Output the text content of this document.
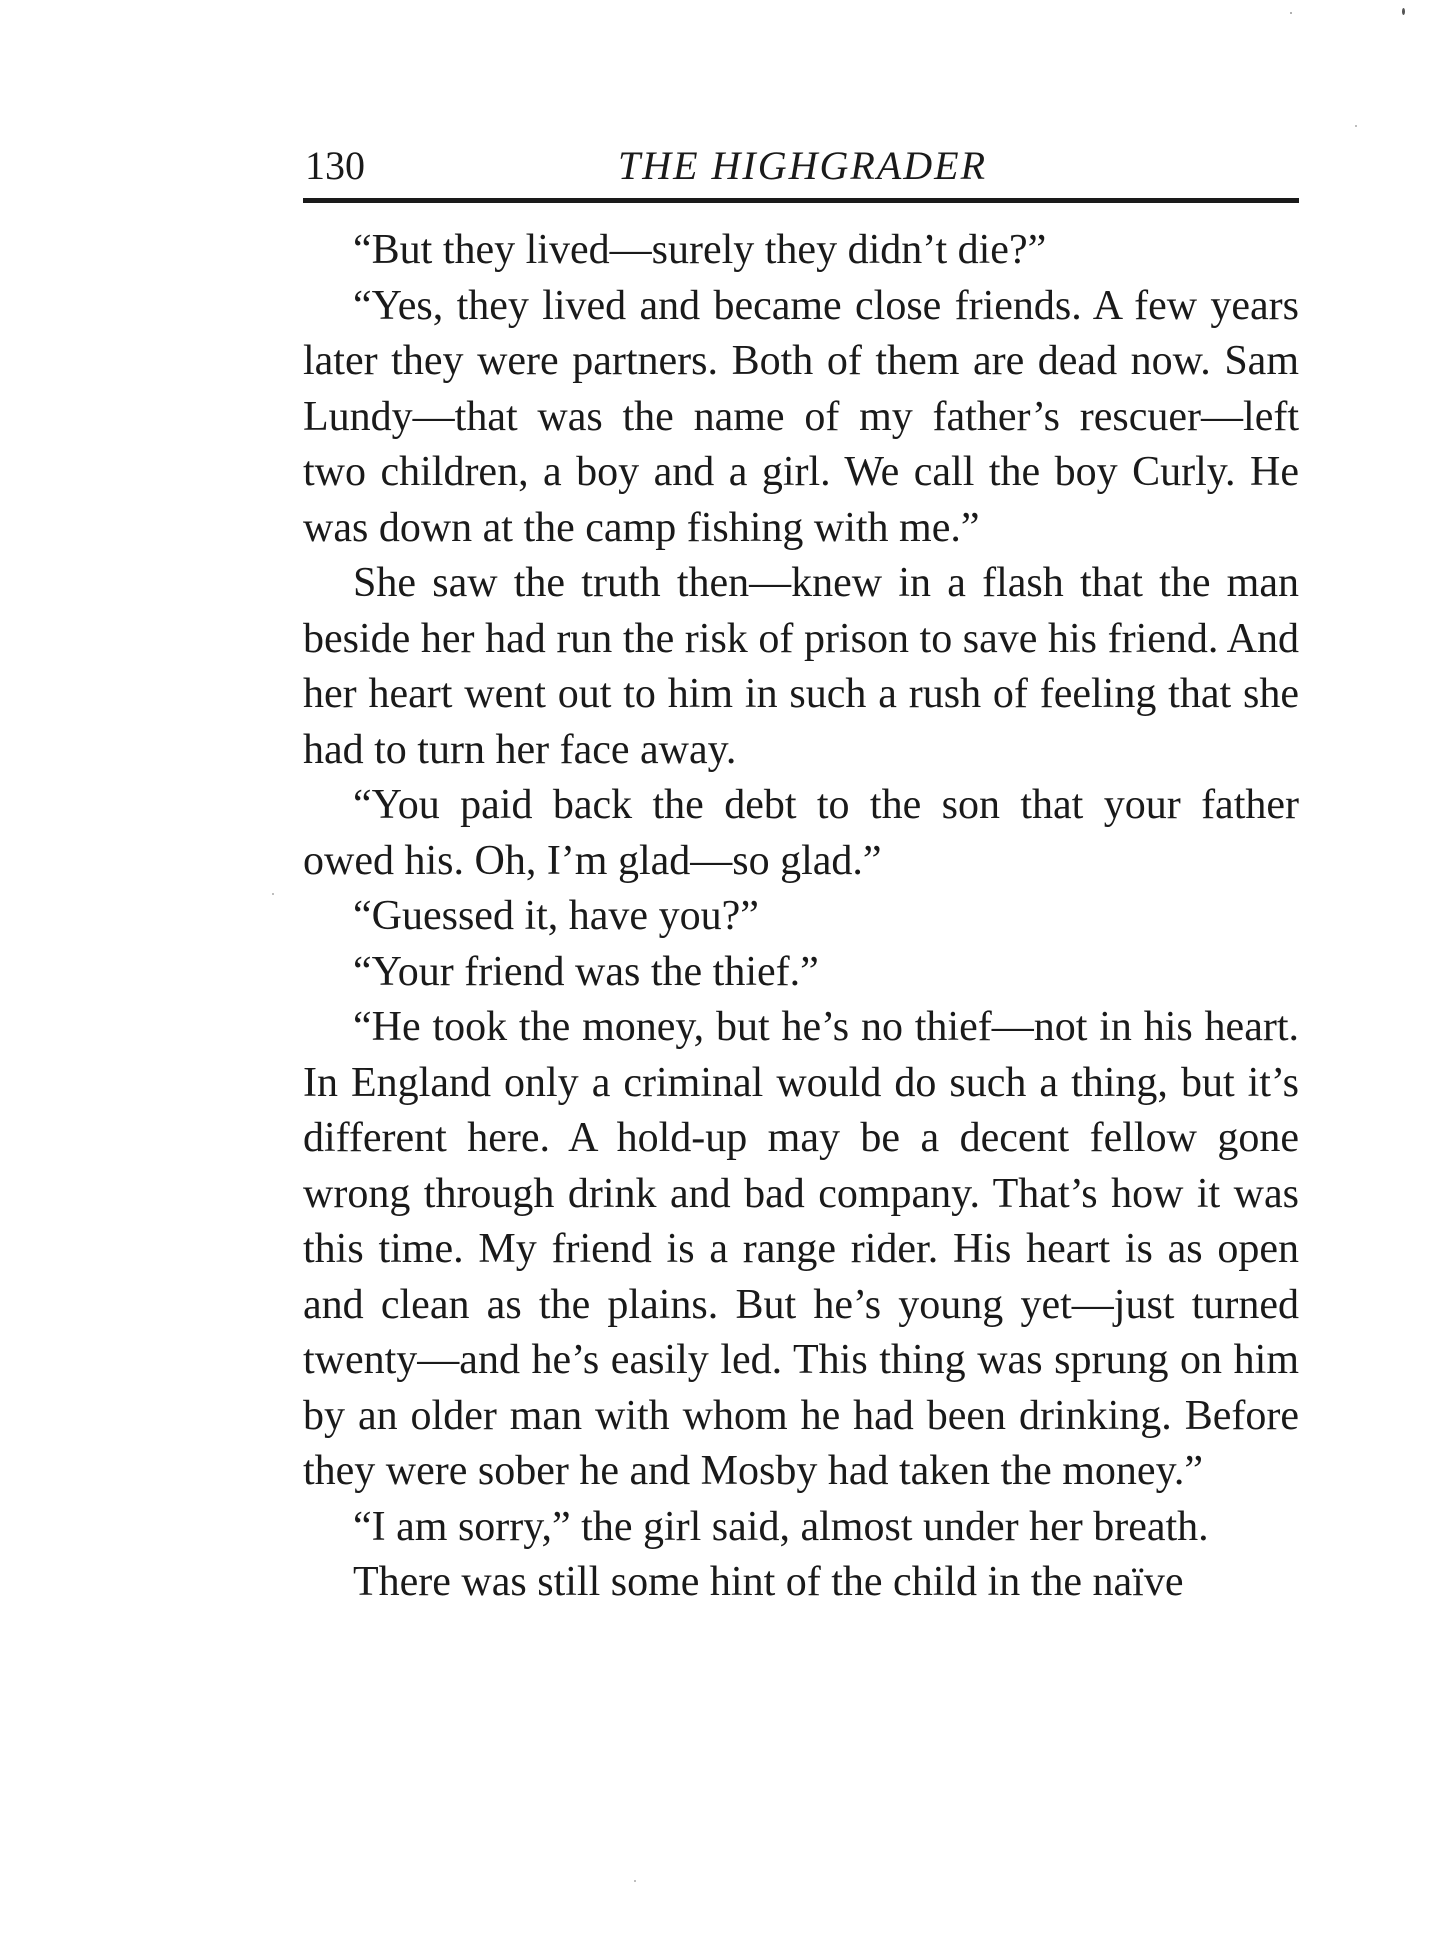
130	THE HIGHGRADER

“But they lived—surely they didn’t die?”

“Yes, they lived and became close friends. A few years later they were partners. Both of them are dead now. Sam Lundy—that was the name of my father’s rescuer—left two children, a boy and a girl. We call the boy Curly. He was down at the camp fishing with me.”

She saw the truth then—knew in a flash that the man beside her had run the risk of prison to save his friend. And her heart went out to him in such a rush of feeling that she had to turn her face away.

“You paid back the debt to the son that your father owed his. Oh, I’m glad—so glad.”

“Guessed it, have you?”

“Your friend was the thief.”

“He took the money, but he’s no thief—not in his heart. In England only a criminal would do such a thing, but it’s different here. A hold-up may be a decent fellow gone wrong through drink and bad company. That’s how it was this time. My friend is a range rider. His heart is as open and clean as the plains. But he’s young yet—just turned twenty—and he’s easily led. This thing was sprung on him by an older man with whom he had been drinking. Before they were sober he and Mosby had taken the money.”

“I am sorry,” the girl said, almost under her breath.

There was still some hint of the child in the naïve
